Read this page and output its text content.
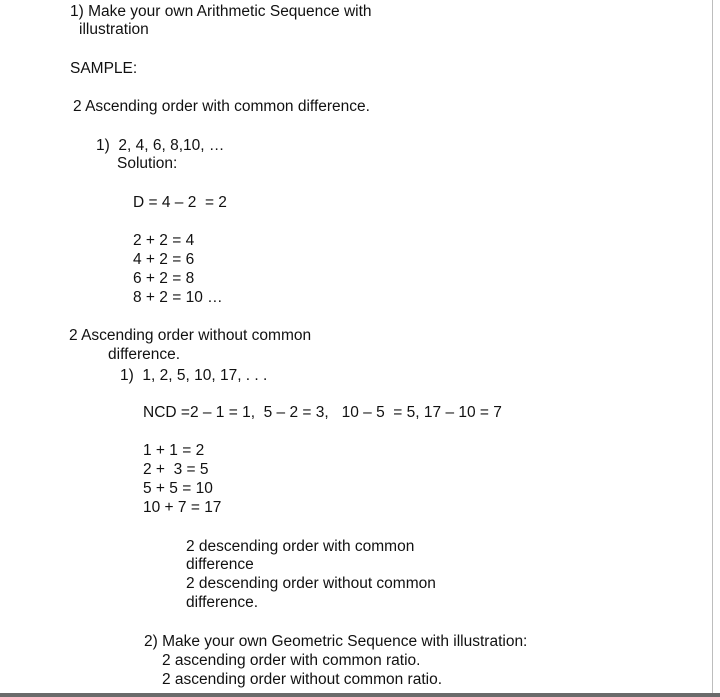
1) Make your own Arithmetic Sequence with

illustration

SAMPLE:

2 Ascending order with common difference.

1)  2, 4, 6, 8,10, …

Solution:

D = 4 – 2  = 2

2 + 2 = 4

4 + 2 = 6

6 + 2 = 8

8 + 2 = 10 …

2 Ascending order without common

difference.

1)  1, 2, 5, 10, 17, . . .

NCD =2 – 1 = 1,  5 – 2 = 3,   10 – 5  = 5, 17 – 10 = 7

1 + 1 = 2

2 +  3 = 5

5 + 5 = 10

10 + 7 = 17

2 descending order with common

difference

2 descending order without common

difference.

2) Make your own Geometric Sequence with illustration:

2 ascending order with common ratio.

2 ascending order without common ratio.
